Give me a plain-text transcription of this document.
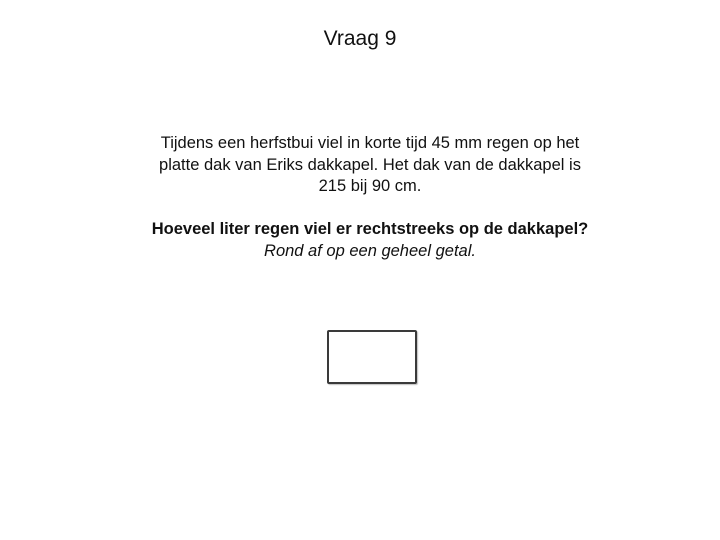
Vraag 9
Tijdens een herfstbui viel in korte tijd 45 mm regen op het platte dak van Eriks dakkapel. Het dak van de dakkapel is 215 bij 90 cm.
Hoeveel liter regen viel er rechtstreeks op de dakkapel?
Rond af op een geheel getal.
